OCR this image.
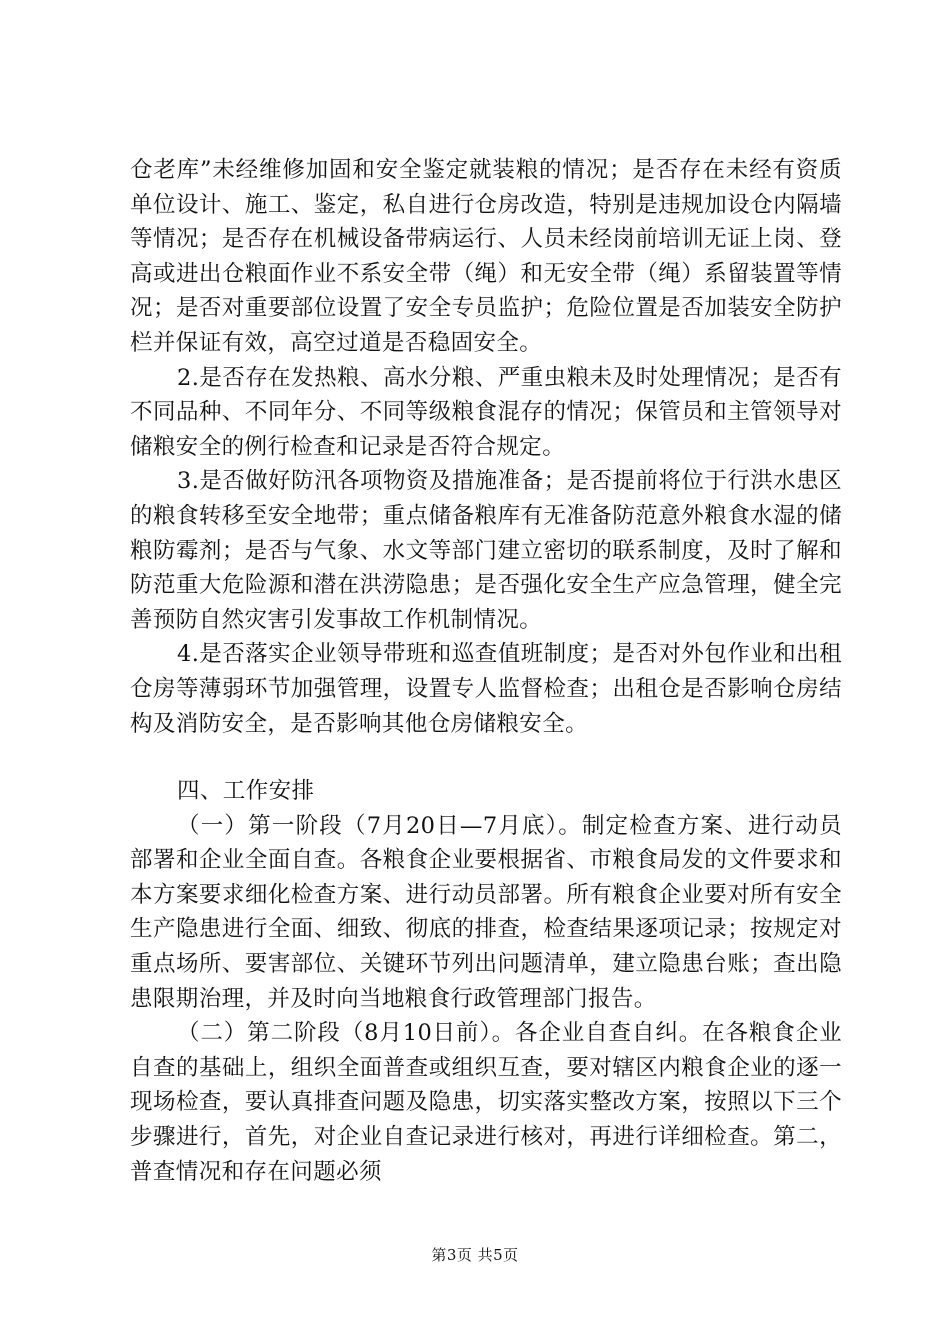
仓老库”未经维修加固和安全鉴定就装粮的情况；是否存在未经有资质单位设计、施工、鉴定，私自进行仓房改造，特别是违规加设仓内隔墙等情况；是否存在机械设备带病运行、人员未经岗前培训无证上岗、登高或进出仓粮面作业不系安全带（绳）和无安全带（绳）系留装置等情况；是否对重要部位设置了安全专员监护；危险位置是否加装安全防护栏并保证有效，高空过道是否稳固安全。

2.是否存在发热粮、高水分粮、严重虫粮未及时处理情况；是否有不同品种、不同年分、不同等级粮食混存的情况；保管员和主管领导对储粮安全的例行检查和记录是否符合规定。

3.是否做好防汛各项物资及措施准备；是否提前将位于行洪水患区的粮食转移至安全地带；重点储备粮库有无准备防范意外粮食水湿的储粮防霉剂；是否与气象、水文等部门建立密切的联系制度，及时了解和防范重大危险源和潜在洪涝隐患；是否强化安全生产应急管理，健全完善预防自然灾害引发事故工作机制情况。

4.是否落实企业领导带班和巡查值班制度；是否对外包作业和出租仓房等薄弱环节加强管理，设置专人监督检查；出租仓是否影响仓房结构及消防安全，是否影响其他仓房储粮安全。

四、工作安排

（一）第一阶段（7月20日—7月底）。制定检查方案、进行动员部署和企业全面自查。各粮食企业要根据省、市粮食局发的文件要求和本方案要求细化检查方案、进行动员部署。所有粮食企业要对所有安全生产隐患进行全面、细致、彻底的排查，检查结果逐项记录；按规定对重点场所、要害部位、关键环节列出问题清单，建立隐患台账；查出隐患限期治理，并及时向当地粮食行政管理部门报告。

（二）第二阶段（8月10日前）。各企业自查自纠。在各粮食企业自查的基础上，组织全面普查或组织互查，要对辖区内粮食企业的逐一现场检查，要认真排查问题及隐患，切实落实整改方案，按照以下三个步骤进行，首先，对企业自查记录进行核对，再进行详细检查。第二，普查情况和存在问题必须

第3页 共5页
